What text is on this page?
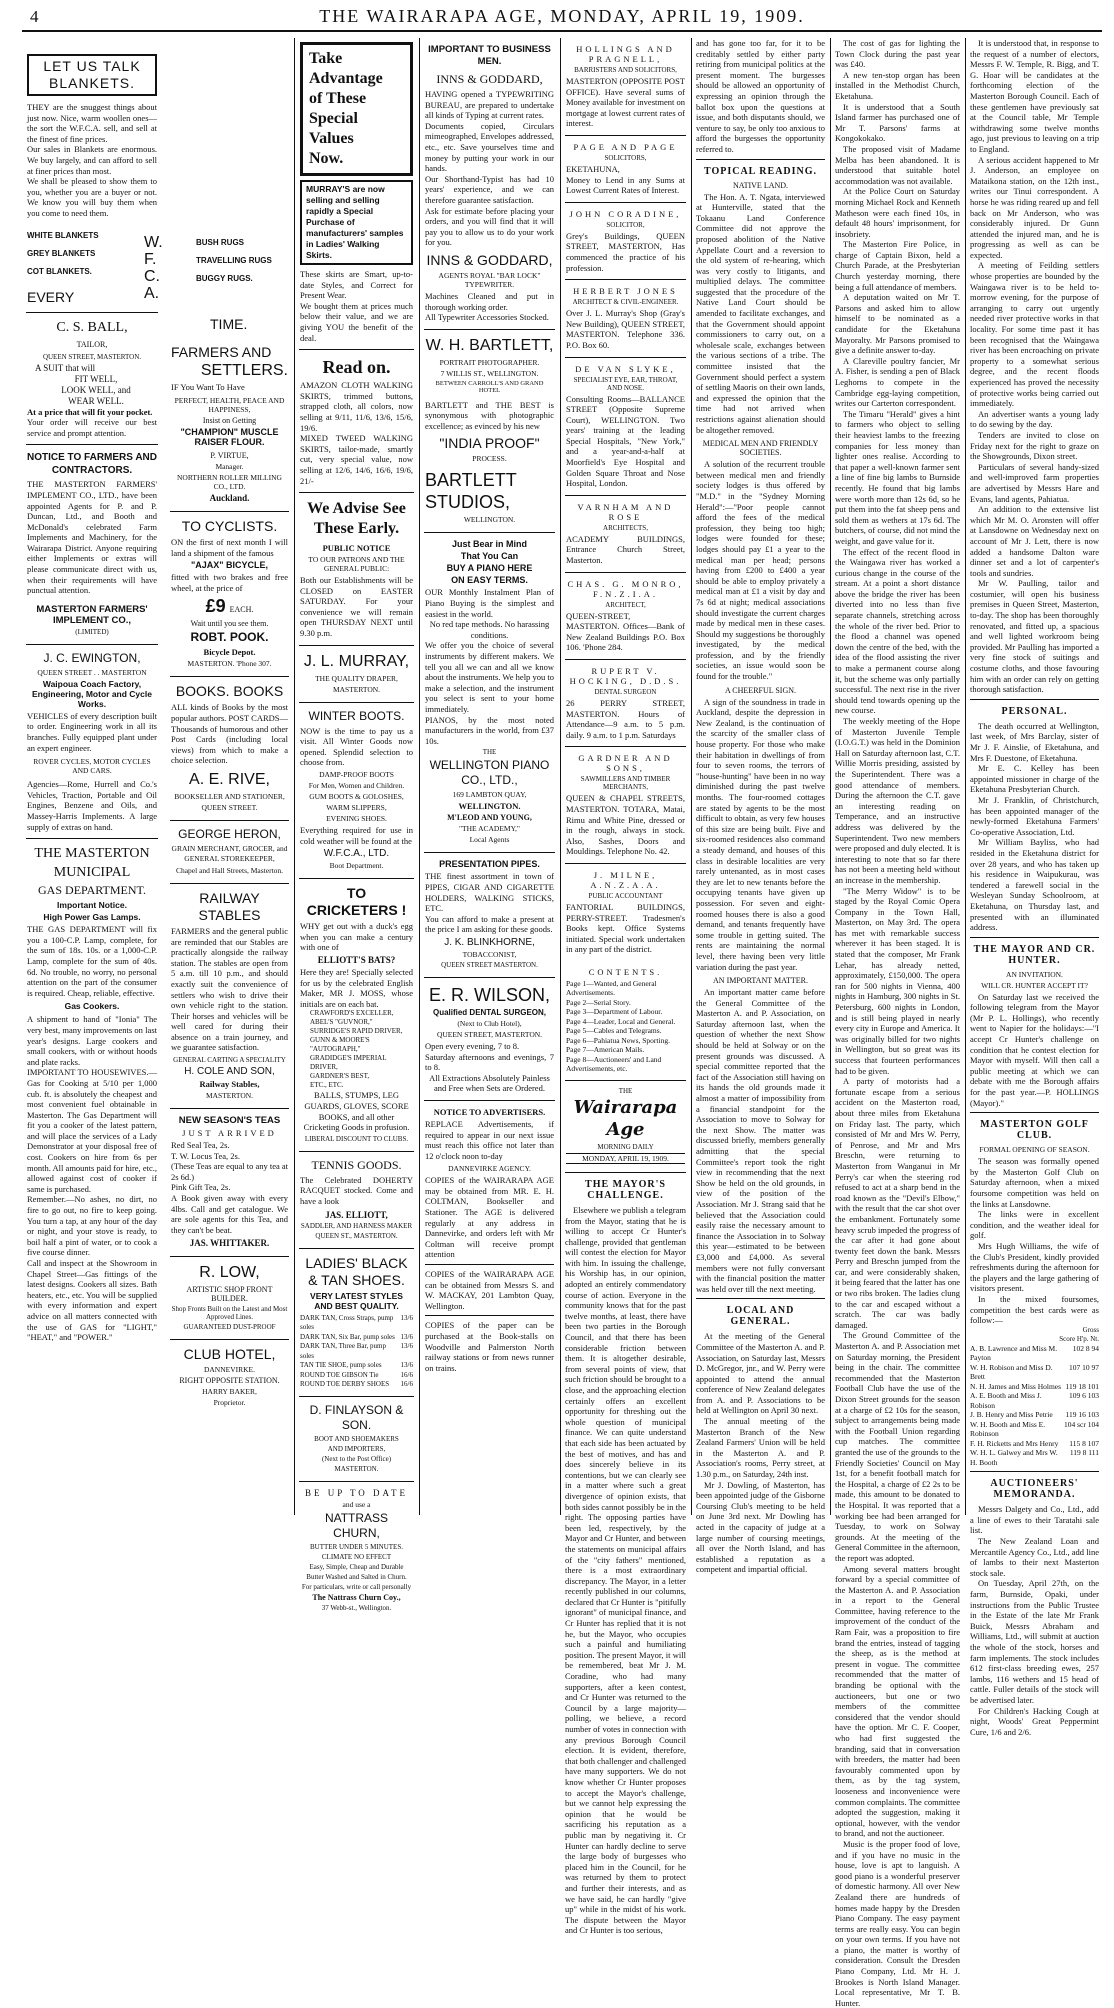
4	THE WAIRARAPA AGE, MONDAY, APRIL 19, 1909.
LET US TALK BLANKETS.

THEY are the snuggest things about just now. Nice, warm woollen ones—the sort the W.F.C.A. sell, and sell at the finest of fine prices.

Our sales in Blankets are enormous. We buy largely, and can afford to sell at finer prices than most.

We shall be pleased to show them to you, whether you are a buyer or not. We know you will buy them when you come to need them.

WHITE BLANKETS
GREY BLANKETS
COT BLANKETS.
EVERY
C. S. BALL,
TAILOR,
QUEEN STREET, MASTERTON.
A SUIT that will
FIT WELL,
LOOK WELL, and
WEAR WELL.

At a price that will fit your pocket.

Your order will receive our best service and prompt attention.

NOTICE TO FARMERS AND CONTRACTORS.

THE MASTERTON FARMERS' IMPLEMENT CO., LTD., have been appointed Agents for P. and P. Duncan, Ltd., and Booth and McDonald's celebrated Farm Implements and Machinery, for the Wairarapa District. Anyone requiring either Implements or extras will please communicate direct with us, when their requirements will have punctual attention.

MASTERTON FARMERS' IMPLEMENT CO.,
(LIMITED)
J. C. EWINGTON,
QUEEN STREET . . MASTERTON
Waipoua Coach Factory, Engineering, Motor and Cycle Works.

VEHICLES of every description built to order. Engineering work in all its branches. Fully equipped plant under an expert engineer.

ROVER CYCLES, MOTOR CYCLES AND CARS.

Agencies—Rome, Hurrell and Co.'s Vehicles, Traction, Portable and Oil Engines, Benzene and Oils, and Massey-Harris Implements. A large supply of extras on hand.

THE MASTERTON
MUNICIPAL
GAS DEPARTMENT.
Important Notice.
High Power Gas Lamps.

THE GAS DEPARTMENT will fix you a 100-C.P. Lamp, complete, for the sum of 18s. 10s. or a 1,000-C.P. Lamp, complete for the sum of 40s. 6d. No trouble, no worry, no personal attention on the part of the consumer is required. Cheap, reliable, effective.

Gas Cookers.

A shipment to hand of "Ionia" The very best, many improvements on last year's designs. Large cookers and small cookers, with or without hoods and plate racks.

IMPORTANT TO HOUSEWIVES.—Gas for Cooking at 5/10 per 1,000 cub. ft. is absolutely the cheapest and most convenient fuel obtainable in Masterton. The Gas Department will fit you a cooker of the latest pattern, and will place the services of a Lady Demonstrator at your disposal free of cost. Cookers on hire from 6s per month. All amounts paid for hire, etc., allowed against cost of cooker if same is purchased.

Remember.—No ashes, no dirt, no fire to go out, no fire to keep going. You turn a tap, at any hour of the day or night, and your stove is ready, to boil half a pint of water, or to cook a five course dinner.

Call and inspect at the Showroom in Chapel Street—Gas fittings of the latest designs. Cookers all sizes. Bath heaters, etc., etc. You will be supplied with every information and expert advice on all matters connected with the use of GAS for "LIGHT," "HEAT," and "POWER."

W.
F.
C.
A.
BUSH RUGS
TRAVELLING RUGS
BUGGY RUGS.
TIME.
FARMERS AND
SETTLERS.
IF You Want To Have
PERFECT, HEALTH, PEACE AND HAPPINESS,
Insist on Getting
"CHAMPION" MUSCLE RAISER FLOUR.
P. VIRTUE,
Manager.
NORTHERN ROLLER MILLING CO., LTD.
Auckland.
TO CYCLISTS.

ON the first of next month I will land a shipment of the famous

"AJAX" BICYCLE,

fitted with two brakes and free wheel, at the price of

£9 EACH.
Wait until you see them.
ROBT. POOK.
Bicycle Depot.
MASTERTON. 'Phone 307.
BOOKS. BOOKS

ALL kinds of Books by the most popular authors. POST CARDS—Thousands of humorous and other Post Cards (including local views) from which to make a choice selection.

A. E. RIVE,
BOOKSELLER AND STATIONER,
QUEEN STREET.
GEORGE HERON,
GRAIN MERCHANT, GROCER, and GENERAL STOREKEEPER,
Chapel and Hall Streets, Masterton.
RAILWAY STABLES

FARMERS and the general public are reminded that our Stables are practically alongside the railway station. The stables are open from 5 a.m. till 10 p.m., and should exactly suit the convenience of settlers who wish to drive their own vehicle right to the station. Their horses and vehicles will be well cared for during their absence on a train journey, and we guarantee satisfaction.

GENERAL CARTING A SPECIALITY
H. COLE AND SON,
Railway Stables,
MASTERTON.
NEW SEASON'S TEAS
JUST ARRIVED

Red Seal Tea, 2s.

T. W. Locus Tea, 2s.

(These Teas are equal to any tea at 2s 6d.)

Pink Gift Tea, 2s.

A Book given away with every 4lbs. Call and get catalogue. We are sole agents for this Tea, and they can't be beat.

JAS. WHITTAKER.
R. LOW,
ARTISTIC SHOP FRONT BUILDER.
Shop Fronts Built on the Latest and Most Approved Lines.
GUARANTEED DUST-PROOF
CLUB HOTEL,
DANNEVIRKE.
RIGHT OPPOSITE STATION.
HARRY BAKER,
Proprietor.
Take Advantage
of These
Special Values
Now.
MURRAY'S are now selling and selling rapidly a Special Purchase of manufacturers' samples in Ladies' Walking Skirts.

These skirts are Smart, up-to-date Styles, and Correct for Present Wear.

We bought them at prices much below their value, and we are giving YOU the benefit of the deal.

Read on.

AMAZON CLOTH WALKING SKIRTS, trimmed buttons, strapped cloth, all colors, now selling at 9/11, 11/6, 13/6, 15/6, 19/6.

MIXED TWEED WALKING SKIRTS, tailor-made, smartly cut, very special value, now selling at 12/6, 14/6, 16/6, 19/6, 21/-

We Advise See These Early.
PUBLIC NOTICE
TO OUR PATRONS AND THE GENERAL PUBLIC:

Both our Establishments will be CLOSED on EASTER SATURDAY. For your convenience we will remain open THURSDAY NEXT until 9.30 p.m.

J. L. MURRAY,
THE QUALITY DRAPER,
MASTERTON.
WINTER BOOTS.

NOW is the time to pay us a visit. All Winter Goods now opened. Splendid selection to choose from.

DAMP-PROOF BOOTS
For Men, Women and Children.
GUM BOOTS & GOLOSHES,
WARM SLIPPERS,
EVENING SHOES.

Everything required for use in cold weather will be found at the

W.F.C.A., LTD.
Boot Department.
TO CRICKETERS !

WHY get out with a duck's egg when you can make a century with one of

ELLIOTT'S BATS?

Here they are! Specially selected for us by the celebrated English Maker, MR J. MOSS, whose initials are on each bat.

CRAWFORD'S EXCELLER,
ABEL'S "GUVNOR,"
SURRIDGE'S RAPID DRIVER,
GUNN & MOORE'S "AUTOGRAPH,"
GRADIDGE'S IMPERIAL DRIVER,
GARDNER'S BEST,
ETC., ETC.

BALLS, STUMPS, LEG GUARDS, GLOVES, SCORE BOOKS, and all other Cricketing Goods in profusion.

LIBERAL DISCOUNT TO CLUBS.
TENNIS GOODS.

The Celebrated DOHERTY RACQUET stocked. Come and have a look

JAS. ELLIOTT,
SADDLER, AND HARNESS MAKER
QUEEN ST., MASTERTON.
LADIES' BLACK & TAN SHOES.
VERY LATEST STYLES AND BEST QUALITY.
DARK TAN, Cross Straps, pump soles
13/6
DARK TAN, Six Bar, pump soles 13/6
DARK TAN, Three Bar, pump soles
13/6
TAN TIE SHOE, pump soles	13/6
ROUND TOE GIBSON Tie	16/6
ROUND TOE DERBY SHOES 16/6
D. FINLAYSON & SON.
BOOT AND SHOEMAKERS
AND IMPORTERS,
(Next to the Post Office)
MASTERTON.
BE UP TO DATE
and use a
NATTRASS CHURN,
BUTTER UNDER 5 MINUTES.
CLIMATE NO EFFECT
Easy, Simple, Cheap and Durable
Butter Washed and Salted in Churn.
For particulars, write or call personally
The Nattrass Churn Coy.,
37 Webb-st., Wellington.
IMPORTANT TO BUSINESS MEN.
INNS & GODDARD,

HAVING opened a TYPEWRITING BUREAU, are prepared to undertake all kinds of Typing at current rates.

Documents copied, Circulars mimeographed, Envelopes addressed, etc., etc. Save yourselves time and money by putting your work in our hands.

Our Shorthand-Typist has had 10 years' experience, and we can therefore guarantee satisfaction.

Ask for estimate before placing your orders, and you will find that it will pay you to allow us to do your work for you.

INNS & GODDARD,
AGENTS ROYAL "BAR LOCK" TYPEWRITER.

Machines Cleaned and put in thorough working order.

All Typewriter Accessories Stocked.

W. H. BARTLETT,
PORTRAIT PHOTOGRAPHER.
7 WILLIS ST., WELLINGTON.
BETWEEN CARROLL'S AND GRAND HOTEL

BARTLETT and THE BEST is synonymous with photographic excellence; as evinced by his new

"INDIA PROOF"
PROCESS.
BARTLETT STUDIOS,
WELLINGTON.
Just Bear in Mind
That You Can
BUY A PIANO HERE
ON EASY TERMS.

OUR Monthly Instalment Plan of Piano Buying is the simplest and easiest in the world.

No red tape methods. No harassing conditions.

We offer you the choice of several instruments by different makers. We tell you all we can and all we know about the instruments. We help you to make a selection, and the instrument you select is sent to your home immediately.

PIANOS, by the most noted manufacturers in the world, from £37 10s.

THE
WELLINGTON PIANO CO., LTD.,
169 LAMBTON QUAY,
WELLINGTON.
M'LEOD AND YOUNG,
"THE ACADEMY,"
Local Agents
PRESENTATION PIPES.

THE finest assortment in town of PIPES, CIGAR AND CIGARETTE HOLDERS, WALKING STICKS, ETC.

You can afford to make a present at the price I am asking for these goods.

J. K. BLINKHORNE,
TOBACCONIST,
QUEEN STREET MASTERTON.
E. R. WILSON,
Qualified DENTAL SURGEON,
(Next to Club Hotel),
QUEEN STREET, MASTERTON.

Open every evening, 7 to 8.

Saturday afternoons and evenings, 7 to 8.

All Extractions Absolutely Painless and Free when Sets are Ordered.

NOTICE TO ADVERTISERS.

REPLACE Advertisements, if required to appear in our next issue must reach this office not later than 12 o'clock noon to-day

DANNEVIRKE AGENCY.

COPIES of the WAIRARAPA AGE may be obtained from MR. E. H. COLTMAN, Bookseller and Stationer. The AGE is delivered regularly at any address in Dannevirke, and orders left with Mr Coltman will receive prompt attention

COPIES of the WAIRARAPA AGE can be obtained from Messrs S. and W. MACKAY, 201 Lambton Quay, Wellington.

COPIES of the paper can be purchased at the Book-stalls on Woodville and Palmerston North railway stations or from news runner on trains.

HOLLINGS AND PRAGNELL,
BARRISTERS AND SOLICITORS,

MASTERTON (OPPOSITE POST OFFICE). Have several sums of Money available for investment on mortgage at lowest current rates of interest.

PAGE AND PAGE
SOLICITORS,

EKETAHUNA,

Money to Lend in any Sums at Lowest Current Rates of Interest.

JOHN CORADINE,
SOLICITOR,

Grey's Buildings, QUEEN STREET, MASTERTON, Has commenced the practice of his profession.

HERBERT JONES
ARCHITECT & CIVIL-ENGINEER.

Over J. L. Murray's Shop (Gray's New Building), QUEEN STREET, MASTERTON. Telephone 336. P.O. Box 60.

DE VAN SLYKE,
SPECIALIST EYE, EAR, THROAT, AND NOSE.

Consulting Rooms—BALLANCE STREET (Opposite Supreme Court), WELLINGTON. Two years' training at the leading Special Hospitals, "New York," and a year-and-a-half at Moorfield's Eye Hospital and Golden Square Throat and Nose Hospital, London.

VARNHAM AND ROSE
ARCHITECTS,

ACADEMY BUILDINGS, Entrance Church Street, Masterton.

CHAS. G. MONRO, F.N.Z.I.A.
ARCHITECT,

QUEEN-STREET, MASTERTON. Offices—Bank of New Zealand Buildings P.O. Box 106. 'Phone 284.

RUPERT V. HOCKING, D.D.S.
DENTAL SURGEON

26 PERRY STREET, MASTERTON. Hours of Attendance—9 a.m. to 5 p.m. daily. 9 a.m. to 1 p.m. Saturdays

GARDNER AND SONS,
SAWMILLERS AND TIMBER MERCHANTS,

QUEEN & CHAPEL STREETS, MASTERTON. TOTARA, Matai, Rimu and White Pine, dressed or in the rough, always in stock. Also, Sashes, Doors and Mouldings. Telephone No. 42.

J. MILNE, A.N.Z.A.A.
PUBLIC ACCOUNTANT

FANTORIAL BUILDINGS, PERRY-STREET. Tradesmen's Books kept. Office Systems initiated. Special work undertaken in any part of the district.

CONTENTS.
Page 1—Wanted, and General Advertisements.
Page 2—Serial Story.
Page 3—Department of Labour.
Page 4—Leader, Local and General.
Page 5—Cables and Telegrams.
Page 6—Pahiatua News, Sporting.
Page 7—American Mails.
Page 8—Auctioneers' and Land Advertisements, etc.
THE
Wairarapa Age
MORNING DAILY
MONDAY, APRIL 19, 1909.
THE MAYOR'S CHALLENGE.

Elsewhere we publish a telegram from the Mayor, stating that he is willing to accept Cr Hunter's challenge, provided that gentleman will contest the election for Mayor with him. In issuing the challenge, his Worship has, in our opinion, adopted an entirely commendatory course of action. Everyone in the community knows that for the past twelve months, at least, there have been two parties in the Borough Council, and that there has been considerable friction between them. It is altogether desirable, from several points of view, that such friction should be brought to a close, and the approaching election certainly offers an excellent opportunity for threshing out the whole question of municipal finance. We can quite understand that each side has been actuated by the best of motives, and has and does sincerely believe in its contentions, but we can clearly see in a matter where such a great divergence of opinion exists, that both sides cannot possibly be in the right. The opposing parties have been led, respectively, by the Mayor and Cr Hunter, and between the statements on municipal affairs of the "city fathers" mentioned, there is a most extraordinary discrepancy. The Mayor, in a letter recently published in our columns, declared that Cr Hunter is "pitifully ignorant" of municipal finance, and Cr Hunter has replied that it is not he, but the Mayor, who occupies such a painful and humiliating position. The present Mayor, it will be remembered, beat Mr J. M. Coradine, who had many supporters, after a keen contest, and Cr Hunter was returned to the Council by a large majority—polling, we believe, a record number of votes in connection with any previous Borough Council election. It is evident, therefore, that both challenger and challenged have many supporters. We do not know whether Cr Hunter proposes to accept the Mayor's challenge, but we cannot help expressing the opinion that he would be sacrificing his reputation as a public man by negativing it. Cr Hunter can hardly decline to serve the large body of burgesses who placed him in the Council, for he was returned by them to protect and further their interests, and as we have said, he can hardly "give up" while in the midst of his work. The dispute between the Mayor and Cr Hunter is too serious,

and has gone too far, for it to be creditably settled by either party retiring from municipal politics at the present moment. The burgesses should be allowed an opportunity of expressing an opinion through the ballot box upon the questions at issue, and both disputants should, we venture to say, be only too anxious to afford the burgesses the opportunity referred to.

TOPICAL READING.
NATIVE LAND.

The Hon. A. T. Ngata, interviewed at Hunterville, stated that the Tokaanu Land Conference Committee did not approve the proposed abolition of the Native Appellate Court and a reversion to the old system of re-hearing, which was very costly to litigants, and multiplied delays. The committee suggested that the procedure of the Native Land Court should be amended to facilitate exchanges, and that the Government should appoint commissioners to carry out, on a wholesale scale, exchanges between the various sections of a tribe. The committee insisted that the Government should perfect a system of settling Maoris on their own lands, and expressed the opinion that the time had not arrived when restrictions against alienation should be altogether removed.

MEDICAL MEN AND FRIENDLY SOCIETIES.

A solution of the recurrent trouble between medical men and friendly society lodges is thus offered by "M.D." in the "Sydney Morning Herald":—"Poor people cannot afford the fees of the medical profession, they being too high; lodges were founded for these; lodges should pay £1 a year to the medical man per head; persons having from £200 to £400 a year should be able to employ privately a medical man at £1 a visit by day and 7s 6d at night; medical associations should investigate the current charges made by medical men in these cases. Should my suggestions be thoroughly investigated, by the medical profession, and by the friendly societies, an issue would soon be found for the trouble."

A CHEERFUL SIGN.

A sign of the soundness in trade in Auckland, despite the depression in New Zealand, is the continuation of the scarcity of the smaller class of house property. For those who make their habitation in dwellings of from four to seven rooms, the terrors of "house-hunting" have been in no way diminished during the past twelve months. The four-roomed cottages are stated by agents to be the most difficult to obtain, as very few houses of this size are being built. Five and six-roomed residences also command a steady demand, and houses of this class in desirable localities are very rarely untenanted, as in most cases they are let to new tenants before the occupying tenants have given up possession. For seven and eight-roomed houses there is also a good demand, and tenants frequently have some trouble in getting suited. The rents are maintaining the normal level, there having been very little variation during the past year.

AN IMPORTANT MATTER.

An important matter came before the General Committee of the Masterton A. and P. Association, on Saturday afternoon last, when the question of whether the next Show should be held at Solway or on the present grounds was discussed. A special committee reported that the fact of the Association still having on its hands the old grounds made it almost a matter of impossibility from a financial standpoint for the Association to move to Solway for the next Show. The matter was discussed briefly, members generally admitting that the special Committee's report took the right view in recommending that the next Show be held on the old grounds, in view of the position of the Association. Mr J. Strang said that he believed that the Association could easily raise the necessary amount to finance the Association in to Solway this year—estimated to be between £3,000 and £4,000. As several members were not fully conversant with the financial position the matter was held over till the next meeting.

LOCAL AND GENERAL.

At the meeting of the General Committee of the Masterton A. and P. Association, on Saturday last, Messrs D. McGregor, jnr., and W. Perry were appointed to attend the annual conference of New Zealand delegates from A. and P. Associations to be held at Wellington on April 30 next.

The annual meeting of the Masterton Branch of the New Zealand Farmers' Union will be held in the Masterton A. and P. Association's rooms, Perry street, at 1.30 p.m., on Saturday, 24th inst.

Mr J. Dowling, of Masterton, has been appointed judge of the Gisborne Coursing Club's meeting to be held on June 3rd next. Mr Dowling has acted in the capacity of judge at a large number of coursing meetings, all over the North Island, and has established a reputation as a competent and impartial official.

The cost of gas for lighting the Town Clock during the past year was £40.

A new ten-stop organ has been installed in the Methodist Church, Eketahuna.

It is understood that a South Island farmer has purchased one of Mr T. Parsons' farms at Kongokokako.

The proposed visit of Madame Melba has been abandoned. It is understood that suitable hotel accommodation was not available.

At the Police Court on Saturday morning Michael Rock and Kenneth Matheson were each fined 10s, in default 48 hours' imprisonment, for insobriety.

The Masterton Fire Police, in charge of Captain Bixon, held a Church Parade, at the Presbyterian Church yesterday morning, there being a full attendance of members.

A deputation waited on Mr T. Parsons and asked him to allow himself to be nominated as a candidate for the Eketahuna Mayoralty. Mr Parsons promised to give a definite answer to-day.

A Clareville poultry fancier, Mr A. Fisher, is sending a pen of Black Leghorns to compete in the Cambridge egg-laying competition, writes our Carterton correspondent.

The Timaru "Herald" gives a hint to farmers who object to selling their heaviest lambs to the freezing companies for less money than lighter ones realise. According to that paper a well-known farmer sent a line of fine big lambs to Burnside recently. He found that big lambs were worth more than 12s 6d, so he put them into the fat sheep pens and sold them as wethers at 17s 6d. The butchers, of course, did not mind the weight, and gave value for it.

The effect of the recent flood in the Waingawa river has worked a curious change in the course of the stream. At a point a short distance above the bridge the river has been diverted into no less than five separate channels, stretching across the whole of the river bed. Prior to the flood a channel was opened down the centre of the bed, with the idea of the flood assisting the river to make a permanent course along it, but the scheme was only partially successful. The next rise in the river should tend towards opening up the new course.

The weekly meeting of the Hope of Masterton Juvenile Temple (I.O.G.T.) was held in the Dominion Hall on Saturday afternoon last, C.T. Willie Morris presiding, assisted by the Superintendent. There was a good attendance of members. During the afternoon the C.T. gave an interesting reading on Temperance, and an instructive address was delivered by the Superintendent. Two new members were proposed and duly elected. It is interesting to note that so far there has not been a meeting held without an increase in the membership.

"The Merry Widow" is to be staged by the Royal Comic Opera Company in the Town Hall, Masterton, on May 3rd. The opera has met with remarkable success wherever it has been staged. It is stated that the composer, Mr Frank Lehar, has already netted, approximately, £150,000. The opera ran for 500 nights in Vienna, 400 nights in Hamburg, 300 nights in St. Petersburg, 600 nights in London, and is still being played in nearly every city in Europe and America. It was originally billed for two nights in Wellington, but so great was its success that fourteen performances had to be given.

A party of motorists had a fortunate escape from a serious accident on the Masterton road, about three miles from Eketahuna on Friday last. The party, which consisted of Mr and Mrs W. Perry, of Penrose, and Mr and Mrs Breschn, were returning to Masterton from Wanganui in Mr Perry's car when the steering rod refused to act at a sharp bend in the road known as the "Devil's Elbow," with the result that the car shot over the embankment. Fortunately some heavy scrub impeded the progress of the car after it had gone about twenty feet down the bank. Messrs Perry and Breschn jumped from the car, and were considerably shaken, it being feared that the latter has one or two ribs broken. The ladies clung to the car and escaped without a scratch. The car was badly damaged.

The Ground Committee of the Masterton A. and P. Association met on Saturday morning, the President being in the chair. The committee recommended that the Masterton Football Club have the use of the Dixon Street grounds for the season at a charge of £2 10s for the season, subject to arrangements being made with the Football Union regarding cup matches. The committee granted the use of the grounds to the Friendly Societies' Council on May 1st, for a benefit football match for the Hospital, a charge of £2 2s to be made, this amount to be donated to the Hospital. It was reported that a working bee had been arranged for Tuesday, to work on Solway grounds. At the meeting of the General Committee in the afternoon, the report was adopted.

Among several matters brought forward by a special committee of the Masterton A. and P. Association in a report to the General Committee, having reference to the improvement of the conduct of the Ram Fair, was a proposition to fire brand the entries, instead of tagging the sheep, as is the method at present in vogue. The committee recommended that the matter of branding be optional with the auctioneers, but one or two members of the committee considered that the vendor should have the option. Mr C. F. Cooper, who had first suggested the branding, said that in conversation with breeders, the matter had been favourably commented upon by them, as by the tag system, looseness and inconvenience were common complaints. The committee adopted the suggestion, making it optional, however, with the vendor to brand, and not the auctioneer.

Music is the proper food of love, and if you have no music in the house, love is apt to languish. A good piano is a wonderful preserver of domestic harmony. All over New Zealand there are hundreds of homes made happy by the Dresden Piano Company. The easy payment terms are really easy. You can begin on your own terms. If you have not a piano, the matter is worthy of consideration. Consult the Dresden Piano Company, Ltd. Mr H. J. Brookes is North Island Manager. Local representative, Mr T. B. Hunter.

It is understood that, in response to the request of a number of electors, Messrs F. W. Temple, R. Bigg, and T. G. Hoar will be candidates at the forthcoming election of the Masterton Borough Council. Each of these gentlemen have previously sat at the Council table, Mr Temple withdrawing some twelve months ago, just previous to leaving on a trip to England.

A serious accident happened to Mr J. Anderson, an employee on Mataikona station, on the 12th inst., writes our Tinui correspondent. A horse he was riding reared up and fell back on Mr Anderson, who was considerably injured. Dr Gunn attended the injured man, and he is progressing as well as can be expected.

A meeting of Feilding settlers whose properties are bounded by the Waingawa river is to be held to-morrow evening, for the purpose of arranging to carry out urgently needed river protective works in that locality. For some time past it has been recognised that the Waingawa river has been encroaching on private property to a somewhat serious degree, and the recent floods experienced has proved the necessity of protective works being carried out immediately.

An advertiser wants a young lady to do sewing by the day.

Tenders are invited to close on Friday next for the right to graze on the Showgrounds, Dixon street.

Particulars of several handy-sized and well-improved farm properties are advertised by Messrs Hare and Evans, land agents, Pahiatua.

An addition to the extensive list which Mr M. O. Aronsten will offer at Lansdowne on Wednesday next on account of Mr J. Lett, there is now added a handsome Dalton ware dinner set and a lot of carpenter's tools and sundries.

Mr W. Paulling, tailor and costumier, will open his business premises in Queen Street, Masterton, to-day. The shop has been thoroughly renovated, and fitted up, a spacious and well lighted workroom being provided. Mr Paulling has imported a very fine stock of suitings and costume cloths, and those favouring him with an order can rely on getting thorough satisfaction.

PERSONAL.

The death occurred at Wellington, last week, of Mrs Barclay, sister of Mr J. F. Ainslie, of Eketahuna, and Mrs F. Duestone, of Eketahuna.

Mr E. C. Kelley has been appointed missioner in charge of the Eketahuna Presbyterian Church.

Mr J. Franklin, of Christchurch, has been appointed manager of the newly-formed Eketahuna Farmers' Co-operative Association, Ltd.

Mr William Bayliss, who had resided in the Eketahuna district for over 28 years, and who has taken up his residence in Waipukurau, was tendered a farewell social in the Wesleyan Sunday Schoolroom, at Eketahuna, on Thursday last, and presented with an illuminated address.

THE MAYOR AND CR. HUNTER.
AN INVITATION.
WILL CR. HUNTER ACCEPT IT?

On Saturday last we received the following telegram from the Mayor (Mr P. L. Hollings), who recently went to Napier for the holidays:—"I accept Cr Hunter's challenge on condition that he contest election for Mayor with myself. Will then call a public meeting at which we can debate with me the Borough affairs for the past year.—P. HOLLINGS (Mayor)."

MASTERTON GOLF CLUB.
FORMAL OPENING OF SEASON.

The season was formally opened by the Masterton Golf Club on Saturday afternoon, when a mixed foursome competition was held on the links at Lansdowne.

The links were in excellent condition, and the weather ideal for golf.

Mrs Hugh Williams, the wife of the Club's President, kindly provided refreshments during the afternoon for the players and the large gathering of visitors present.

In the mixed foursomes, competition the best cards were as follow:—

Gross
Score H'p. Nt.
A. B. Lawrence and Miss M. Payton
102 8 94
W. H. Robison and Miss D. Brett
107 10 97
N. H. James and Miss Holmes 119 18 101
A. E. Booth and Miss J. Robison
109 6 103
J. B. Henry and Miss Petrie 119 16 103
W. H. Booth and Miss E. Robinson
104 scr 104
F. H. Ricketts and Mrs Henry 115 8 107
W. H. L. Galwey and Mrs W. H. Booth
119 8 111
AUCTIONEERS' MEMORANDA.

Messrs Dalgety and Co., Ltd., add a line of ewes to their Taratahi sale list.

The New Zealand Loan and Mercantile Agency Co., Ltd., add line of lambs to their next Masterton stock sale.

On Tuesday, April 27th, on the farm, Burnside, Opaki, under instructions from the Public Trustee in the Estate of the late Mr Frank Buick, Messrs Abraham and Williams, Ltd., will submit at auction the whole of the stock, horses and farm implements. The stock includes 612 first-class breeding ewes, 257 lambs, 116 wethers and 15 head of cattle. Fuller details of the stock will be advertised later.

For Children's Hacking Cough at night, Woods' Great Peppermint Cure, 1/6 and 2/6.
